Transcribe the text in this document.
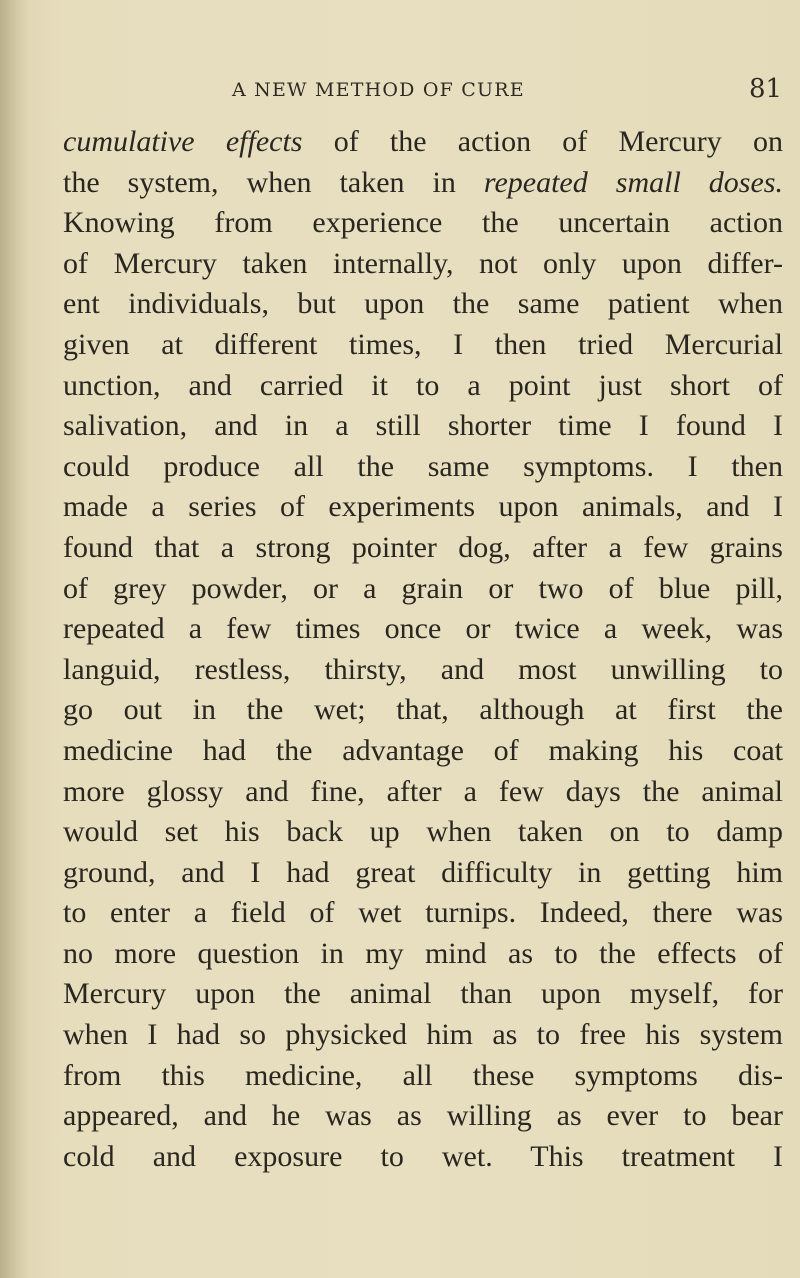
A NEW METHOD OF CURE	81
cumulative effects of the action of Mercury on
the system, when taken in repeated small doses.
Knowing from experience the uncertain action
of Mercury taken internally, not only upon differ-
ent individuals, but upon the same patient when
given at different times, I then tried Mercurial
unction, and carried it to a point just short of
salivation, and in a still shorter time I found I
could produce all the same symptoms. I then
made a series of experiments upon animals, and I
found that a strong pointer dog, after a few grains
of grey powder, or a grain or two of blue pill,
repeated a few times once or twice a week, was
languid, restless, thirsty, and most unwilling to
go out in the wet; that, although at first the
medicine had the advantage of making his coat
more glossy and fine, after a few days the animal
would set his back up when taken on to damp
ground, and I had great difficulty in getting him
to enter a field of wet turnips. Indeed, there was
no more question in my mind as to the effects of
Mercury upon the animal than upon myself, for
when I had so physicked him as to free his system
from this medicine, all these symptoms dis-
appeared, and he was as willing as ever to bear
cold and exposure to wet. This treatment I
